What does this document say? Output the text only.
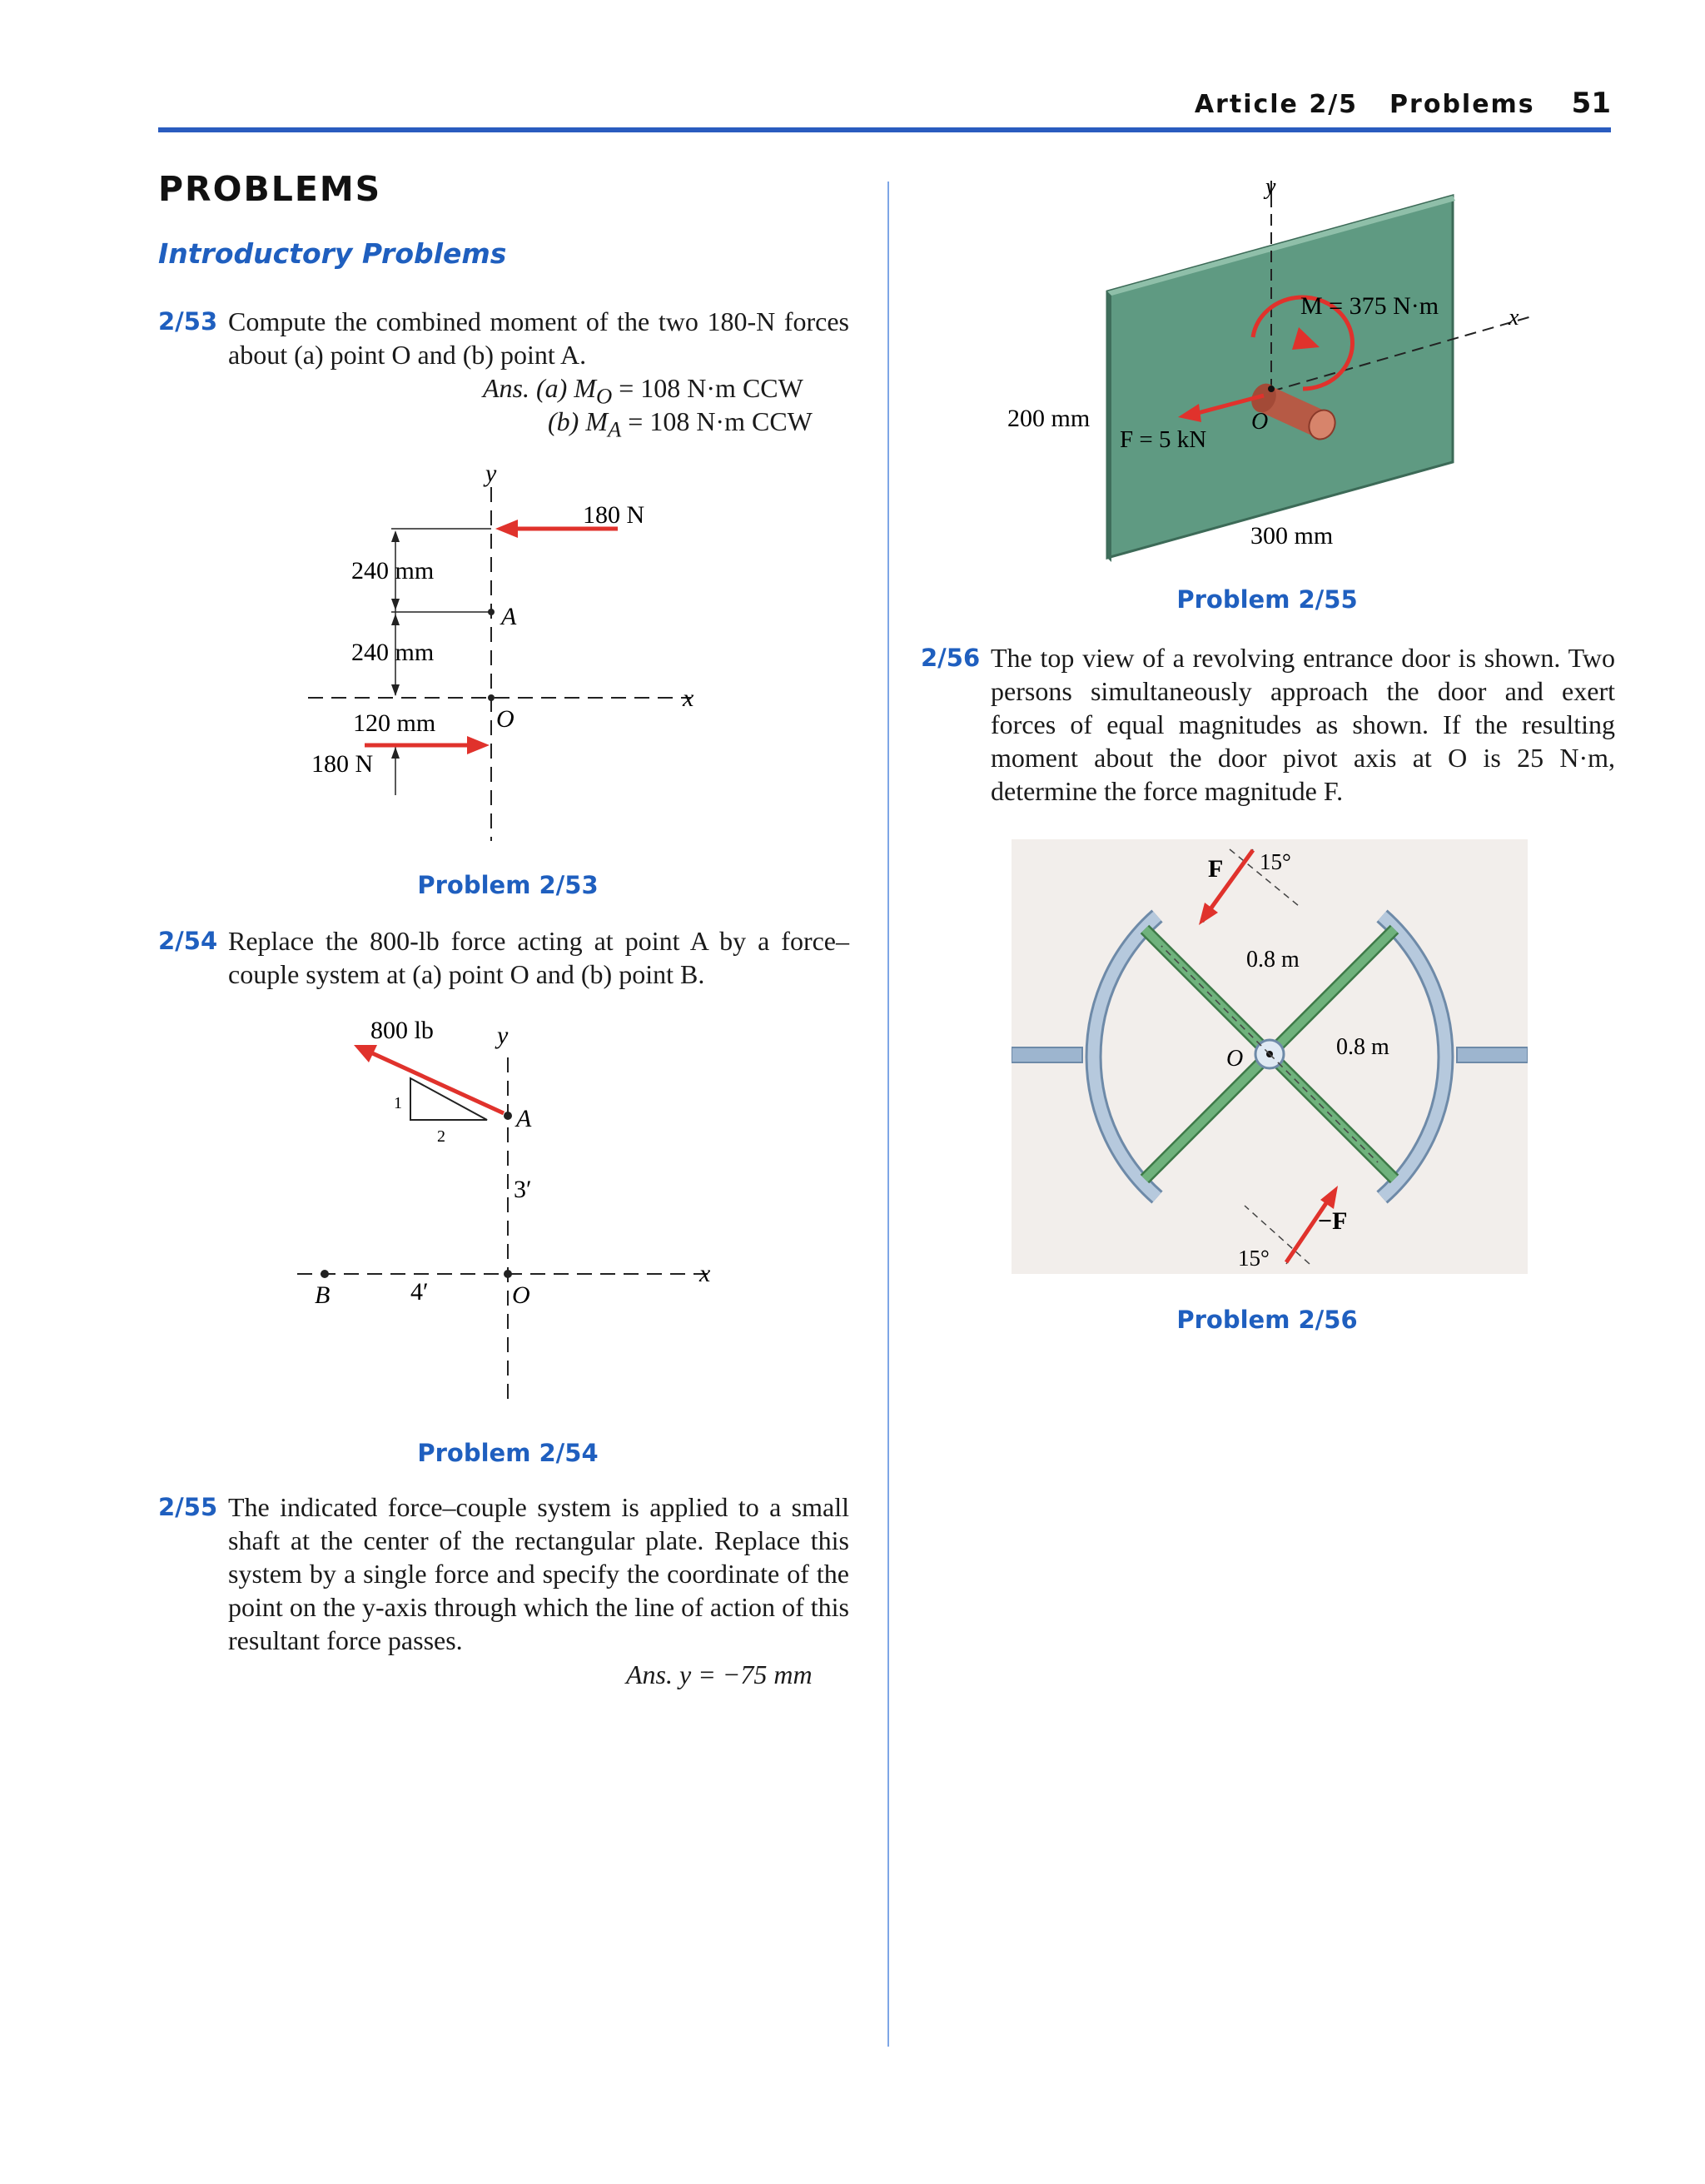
Article 2/5 Problems 51
PROBLEMS
Introductory Problems
2/53 Compute the combined moment of the two 180-N forces about (a) point O and (b) point A.
Ans. (a) $M_O = 108$ N·m CCW
(b) $M_A = 108$ N·m CCW
y
180 N
240 mm
A
240 mm
x
120 mm O
180 N
Problem 2/53
2/54 Replace the 800-lb force acting at point A by a force–couple system at (a) point O and (b) point B.
800 lb	y
1
2
A
3′
x
B	4′	O
Problem 2/54
2/55 The indicated force–couple system is applied to a small shaft at the center of the rectangular plate. Replace this system by a single force and specify the coordinate of the point on the y-axis through which the line of action of this resultant force passes.
Ans. y = −75 mm
y
M = 375 N·m	x
200 mm
F = 5 kN
O
300 mm
Problem 2/55
2/56 The top view of a revolving entrance door is shown. Two persons simultaneously approach the door and exert forces of equal magnitudes as shown. If the resulting moment about the door pivot axis at O is 25 N·m, determine the force magnitude F.
F 15°
0.8 m
O	0.8 m
−F
15°
Problem 2/56
